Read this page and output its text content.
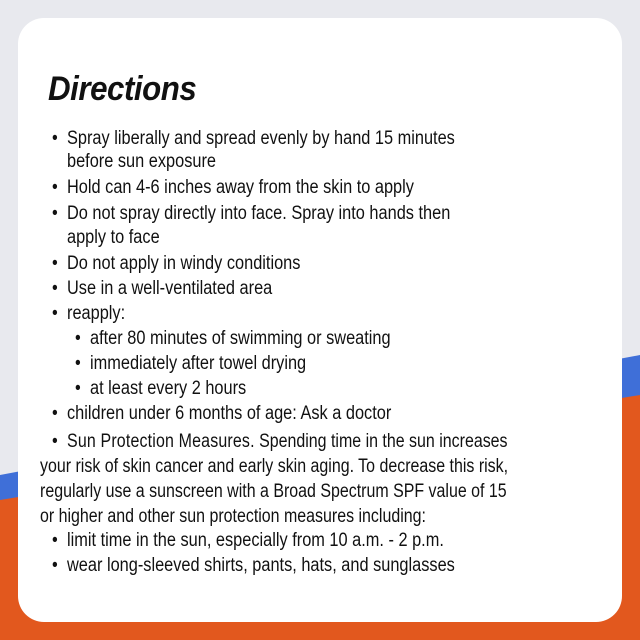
Directions
• Spray liberally and spread evenly by hand 15 minutes
before sun exposure
• Hold can 4-6 inches away from the skin to apply
• Do not spray directly into face. Spray into hands then
apply to face
• Do not apply in windy conditions
• Use in a well-ventilated area
• reapply:
• after 80 minutes of swimming or sweating
• immediately after towel drying
• at least every 2 hours
• children under 6 months of age: Ask a doctor
• Sun Protection Measures. Spending time in the sun increases
your risk of skin cancer and early skin aging. To decrease this risk,
regularly use a sunscreen with a Broad Spectrum SPF value of 15
or higher and other sun protection measures including:
• limit time in the sun, especially from 10 a.m. - 2 p.m.
• wear long-sleeved shirts, pants, hats, and sunglasses
